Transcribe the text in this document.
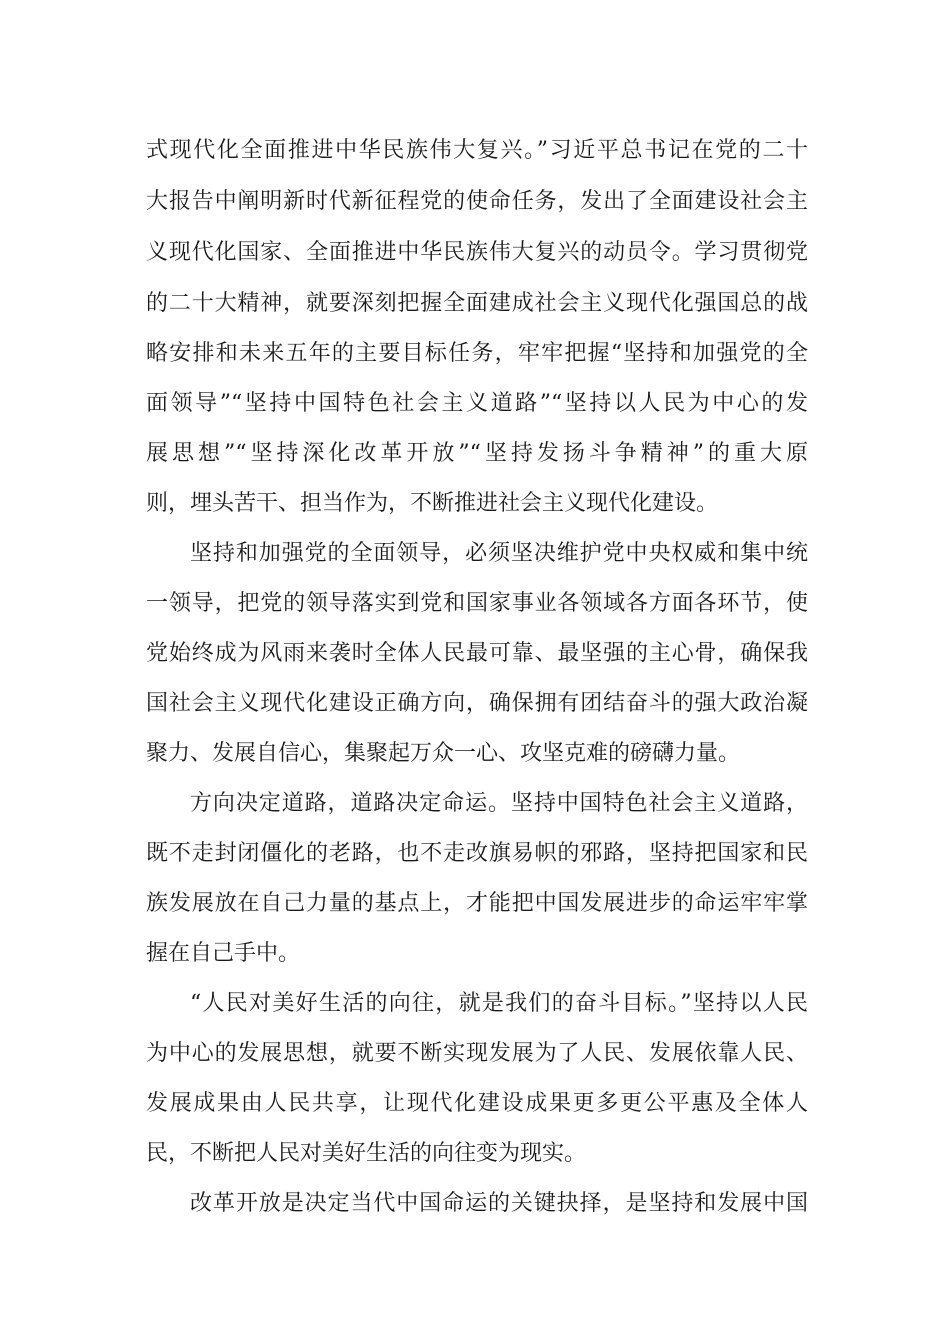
式现代化全面推进中华民族伟大复兴。”习近平总书记在党的二十
大报告中阐明新时代新征程党的使命任务，发出了全面建设社会主
义现代化国家、全面推进中华民族伟大复兴的动员令。学习贯彻党
的二十大精神，就要深刻把握全面建成社会主义现代化强国总的战
略安排和未来五年的主要目标任务，牢牢把握“坚持和加强党的全
面领导”“坚持中国特色社会主义道路”“坚持以人民为中心的发
展思想”“坚持深化改革开放”“坚持发扬斗争精神”的重大原
则，埋头苦干、担当作为，不断推进社会主义现代化建设。
坚持和加强党的全面领导，必须坚决维护党中央权威和集中统
一领导，把党的领导落实到党和国家事业各领域各方面各环节，使
党始终成为风雨来袭时全体人民最可靠、最坚强的主心骨，确保我
国社会主义现代化建设正确方向，确保拥有团结奋斗的强大政治凝
聚力、发展自信心，集聚起万众一心、攻坚克难的磅礴力量。
方向决定道路，道路决定命运。坚持中国特色社会主义道路，
既不走封闭僵化的老路，也不走改旗易帜的邪路，坚持把国家和民
族发展放在自己力量的基点上，才能把中国发展进步的命运牢牢掌
握在自己手中。
“人民对美好生活的向往，就是我们的奋斗目标。”坚持以人民
为中心的发展思想，就要不断实现发展为了人民、发展依靠人民、
发展成果由人民共享，让现代化建设成果更多更公平惠及全体人
民，不断把人民对美好生活的向往变为现实。
改革开放是决定当代中国命运的关键抉择，是坚持和发展中国
